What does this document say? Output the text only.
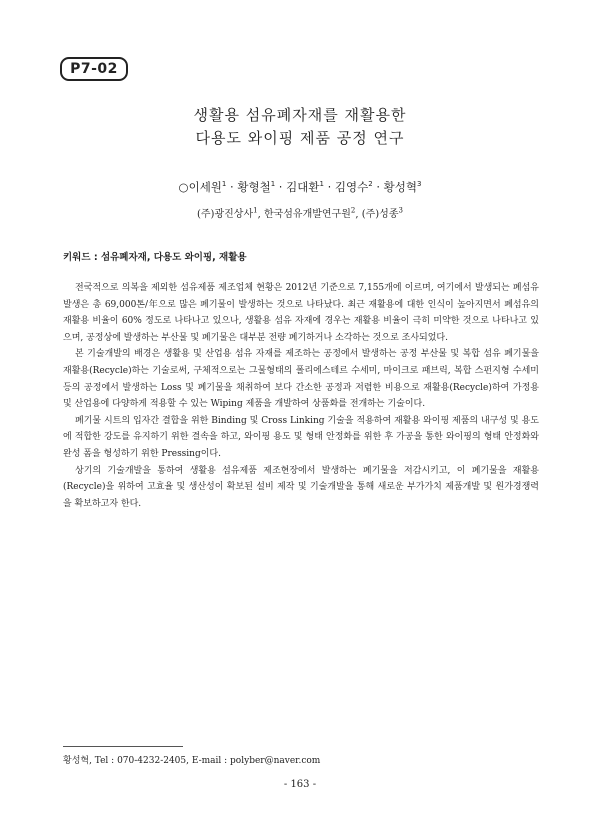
P7-02
생활용 섬유폐자재를 재활용한
다용도 와이핑 제품 공정 연구
○이세원$^1$ · 황형철$^1$ · 김대환$^1$ · 김영수$^2$ · 황성혁$^3$
(주)광진상사$^1$, 한국섬유개발연구원$^2$, (주)성종$^3$
키워드 : 섬유폐자재, 다용도 와이핑, 재활용

전국적으로 의복을 제외한 섬유제품 제조업체 현황은 2012년 기준으로 7,155개에 이르며, 여기에서 발생되는 폐섬유 발생은 총 69,000톤/年으로 많은 폐기물이 발생하는 것으로 나타났다. 최근 재활용에 대한 인식이 높아지면서 폐섬유의 재활용 비율이 60% 정도로 나타나고 있으나, 생활용 섬유 자재에 경우는 재활용 비율이 극히 미약한 것으로 나타나고 있으며, 공정상에 발생하는 부산물 및 폐기물은 대부분 전량 폐기하거나 소각하는 것으로 조사되었다.

본 기술개발의 배경은 생활용 및 산업용 섬유 자재를 제조하는 공정에서 발생하는 공정 부산물 및 복합 섬유 폐기물을 재활용(Recycle)하는 기술로써, 구체적으로는 그물형태의 폴리에스테르 수세미, 마이크로 패브릭, 복합 스펀지형 수세미 등의 공정에서 발생하는 Loss 및 폐기물을 채취하여 보다 간소한 공정과 저렴한 비용으로 재활용(Recycle)하여 가정용 및 산업용에 다양하게 적용할 수 있는 Wiping 제품을 개발하여 상품화를 전개하는 기술이다.

폐기물 시트의 입자간 결합을 위한 Binding 및 Cross Linking 기술을 적용하여 재활용 와이핑 제품의 내구성 및 용도에 적합한 강도를 유지하기 위한 결속을 하고, 와이핑 용도 및 형태 안정화를 위한 후 가공을 통한 와이핑의 형태 안정화와 완성 폼을 형성하기 위한 Pressing이다.

상기의 기술개발을 통하여 생활용 섬유제품 제조현장에서 발생하는 폐기물을 저감시키고, 이 폐기물을 재활용(Recycle)을 위하여 고효율 및 생산성이 확보된 설비 제작 및 기술개발을 통해 새로운 부가가치 제품개발 및 원가경쟁력을 확보하고자 한다.

황성혁, Tel : 070-4232-2405, E-mail : polyber@naver.com
- 163 -
